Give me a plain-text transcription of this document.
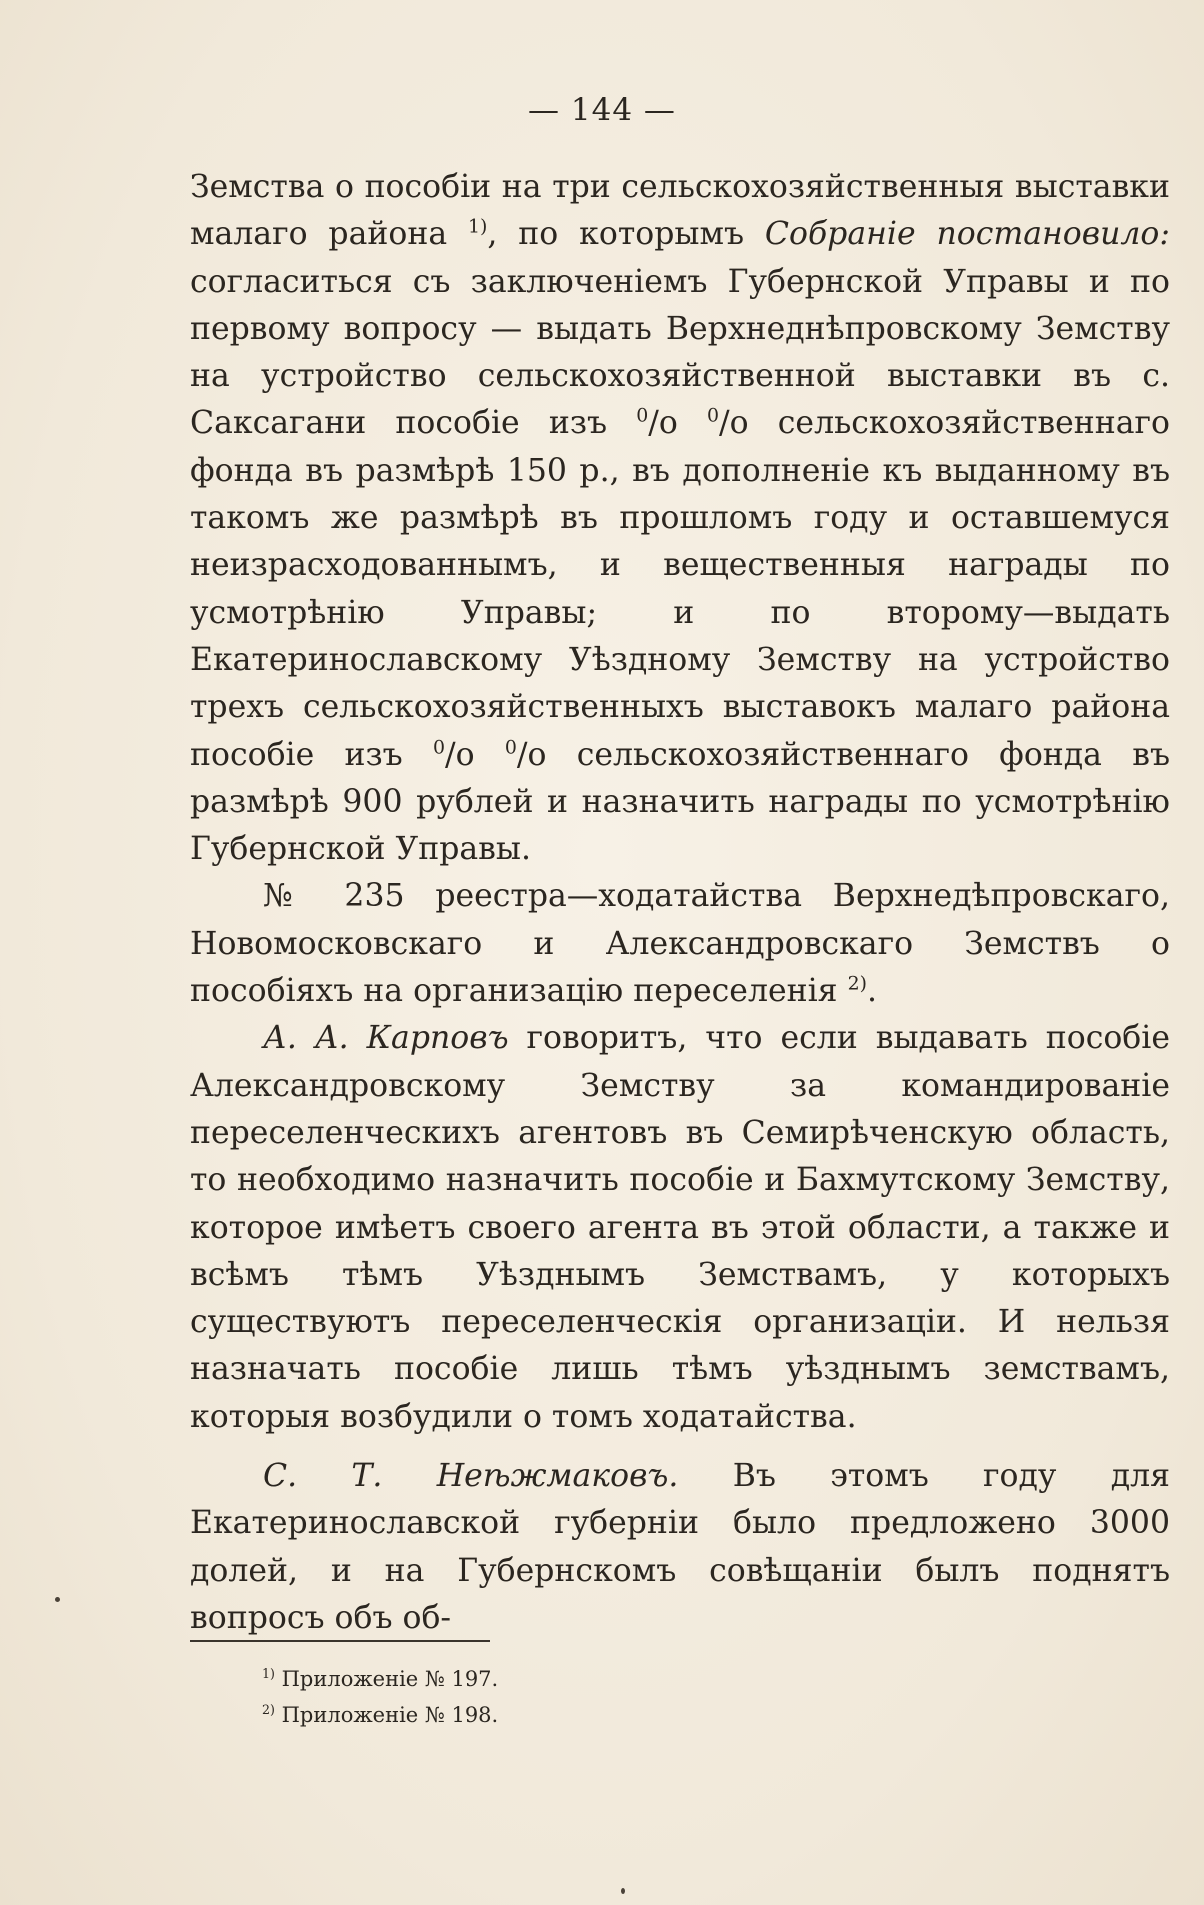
— 144 —

Земства о пособіи на три сельскохозяйственныя выставки малаго района $^{1)}$, по которымъ Собраніе постановило: согласиться съ заключеніемъ Губернской Управы и по первому вопросу — выдать Верхнеднѣпровскому Земству на устройство сельскохозяйственной выставки въ с. Саксагани пособіе изъ $^0$/о $^0$/о сельскохозяйственнаго фонда въ размѣрѣ 150 р., въ дополненіе къ выданному въ такомъ же размѣрѣ въ прошломъ году и оставшемуся неизрасходованнымъ, и вещественныя награды по усмотрѣнію Управы; и по второму—выдать Екатеринославскому Уѣздному Земству на устройство трехъ сельскохозяйственныхъ выставокъ малаго района пособіе изъ $^0$/о $^0$/о сельскохозяйственнаго фонда въ размѣрѣ 900 рублей и назначить награды по усмотрѣнію Губернской Управы.

№ 235 реестра—ходатайства Верхнедѣпровскаго, Новомосковскаго и Александровскаго Земствъ о пособіяхъ на организацію переселенія $^{2)}$.

А. А. Карповъ говоритъ, что если выдавать пособіе Александровскому Земству за командированіе переселенческихъ агентовъ въ Семирѣченскую область, то необходимо назначить пособіе и Бахмутскому Земству, которое имѣетъ своего агента въ этой области, а также и всѣмъ тѣмъ Уѣзднымъ Земствамъ, у которыхъ существуютъ переселенческія организаціи. И нельзя назначать пособіе лишь тѣмъ уѣзднымъ земствамъ, которыя возбудили о томъ ходатайства.

С. Т. Неѣжмаковъ. Въ этомъ году для Екатеринославской губерніи было предложено 3000 долей, и на Губернскомъ совѣщаніи былъ поднятъ вопросъ объ об-

$^{1)}$ Приложеніе № 197.
$^{2)}$ Приложеніе № 198.
